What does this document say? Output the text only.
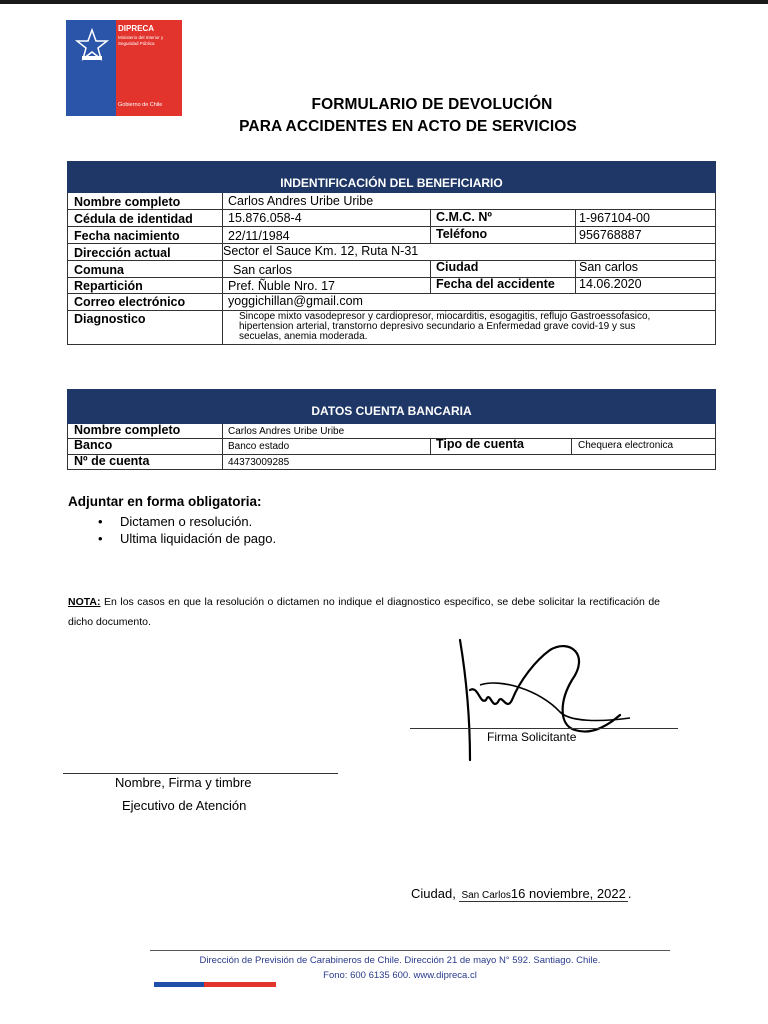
DIPRECA
Ministerio del Interior y Seguridad Pública
Gobierno de Chile	FORMULARIO DE DEVOLUCIÓN
PARA ACCIDENTES EN ACTO DE SERVICIOS
INDENTIFICACIÓN DEL BENEFICIARIO
Nombre completo	Carlos Andres Uribe Uribe
Cédula de identidad	15.876.058-4	C.M.C. Nº	1-967104-00
Fecha nacimiento	22/11/1984	Teléfono	956768887
Dirección actual	Sector el Sauce Km. 12, Ruta N-31
Comuna	San carlos	Ciudad	San carlos
Repartición	Pref. Ñuble Nro. 17	Fecha del accidente 14.06.2020
Correo electrónico	yoggichillan@gmail.com
Diagnostico	Sincope mixto vasodepresor y cardiopresor, miocarditis, esogagitis, reflujo Gastroessofasico, hipertension arterial, transtorno depresivo secundario a Enfermedad grave covid-19 y sus secuelas, anemia moderada.
DATOS CUENTA BANCARIA
Nombre completo	Carlos Andres Uribe Uribe
Banco	Banco estado	Tipo de cuenta	Chequera electronica
Nº de cuenta	44373009285
Adjuntar en forma obligatoria:
• Dictamen o resolución.
• Ultima liquidación de pago.
NOTA: En los casos en que la resolución o dictamen no indique el diagnostico especifico, se debe solicitar la rectificación de dicho documento.
Firma Solicitante
Nombre, Firma y timbre
Ejecutivo de Atención
Ciudad, San Carlos16 noviembre, 2022 .
Dirección de Previsión de Carabineros de Chile. Dirección 21 de mayo N° 592. Santiago. Chile.
Fono: 600 6135 600. www.dipreca.cl
